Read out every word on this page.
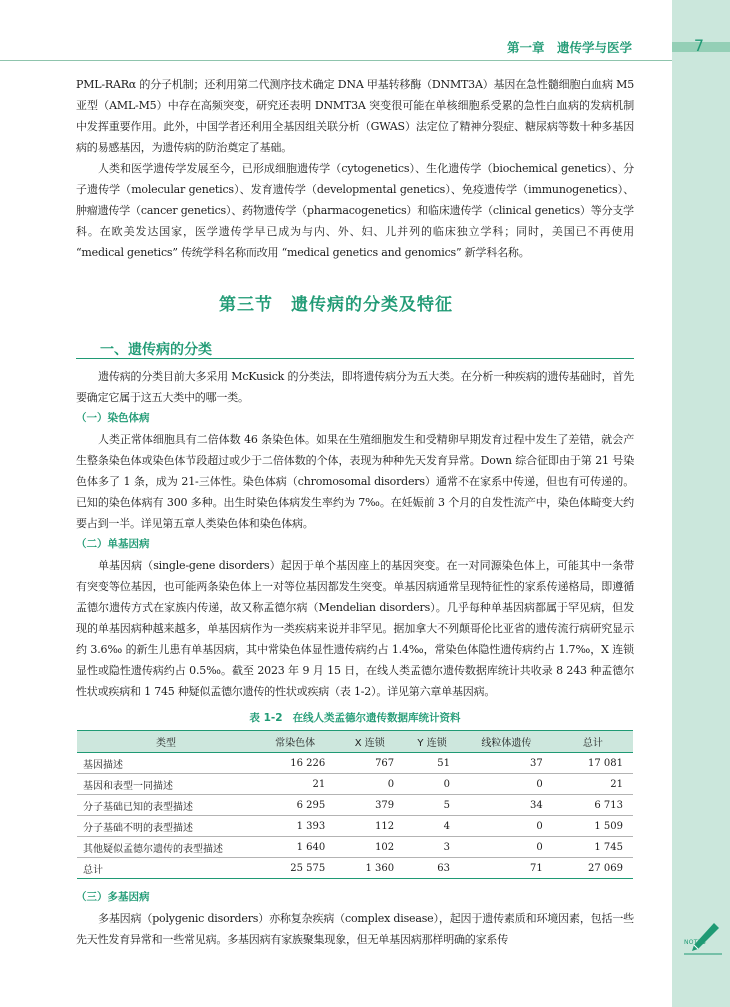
第一章　遗传学与医学	7

PML-RARα 的分子机制；还利用第二代测序技术确定 DNA 甲基转移酶（DNMT3A）基因在急性髓细胞白血病 M5 亚型（AML-M5）中存在高频突变，研究还表明 DNMT3A 突变很可能在单核细胞系受累的急性白血病的发病机制中发挥重要作用。此外，中国学者还利用全基因组关联分析（GWAS）法定位了精神分裂症、糖尿病等数十种多基因病的易感基因，为遗传病的防治奠定了基础。

人类和医学遗传学发展至今，已形成细胞遗传学（cytogenetics）、生化遗传学（biochemical genetics）、分子遗传学（molecular genetics）、发育遗传学（developmental genetics）、免疫遗传学（immunogenetics）、肿瘤遗传学（cancer genetics）、药物遗传学（pharmacogenetics）和临床遗传学（clinical genetics）等分支学科。在欧美发达国家，医学遗传学早已成为与内、外、妇、儿并列的临床独立学科；同时，美国已不再使用 “medical genetics” 传统学科名称而改用 “medical genetics and genomics” 新学科名称。

第三节　遗传病的分类及特征
一、遗传病的分类

遗传病的分类目前大多采用 McKusick 的分类法，即将遗传病分为五大类。在分析一种疾病的遗传基础时，首先要确定它属于这五大类中的哪一类。

（一）染色体病

人类正常体细胞具有二倍体数 46 条染色体。如果在生殖细胞发生和受精卵早期发育过程中发生了差错，就会产生整条染色体或染色体节段超过或少于二倍体数的个体，表现为种种先天发育异常。Down 综合征即由于第 21 号染色体多了 1 条，成为 21-三体性。染色体病（chromosomal disorders）通常不在家系中传递，但也有可传递的。已知的染色体病有 300 多种。出生时染色体病发生率约为 7‰。在妊娠前 3 个月的自发性流产中，染色体畸变大约要占到一半。详见第五章人类染色体和染色体病。

（二）单基因病

单基因病（single-gene disorders）起因于单个基因座上的基因突变。在一对同源染色体上，可能其中一条带有突变等位基因，也可能两条染色体上一对等位基因都发生突变。单基因病通常呈现特征性的家系传递格局，即遵循孟德尔遗传方式在家族内传递，故又称孟德尔病（Mendelian disorders）。几乎每种单基因病都属于罕见病，但发现的单基因病种越来越多，单基因病作为一类疾病来说并非罕见。据加拿大不列颠哥伦比亚省的遗传流行病研究显示约 3.6‰ 的新生儿患有单基因病，其中常染色体显性遗传病约占 1.4‰，常染色体隐性遗传病约占 1.7‰，X 连锁显性或隐性遗传病约占 0.5‰。截至 2023 年 9 月 15 日，在线人类孟德尔遗传数据库统计共收录 8 243 种孟德尔性状或疾病和 1 745 种疑似孟德尔遗传的性状或疾病（表 1-2）。详见第六章单基因病。

表 1-2 在线人类孟德尔遗传数据库统计资料
类型	常染色体	X 连锁	Y 连锁	线粒体遗传	总计
基因描述	16 226	767	51	37	17 081
基因和表型一同描述	21	0	0	0	21
分子基础已知的表型描述	6 295	379	5	34	6 713
分子基础不明的表型描述	1 393	112	4	0	1 509
其他疑似孟德尔遗传的表型描述	1 640	102	3	0	1 745
总计	25 575	1 360	63	71	27 069
（三）多基因病

多基因病（polygenic disorders）亦称复杂疾病（complex disease），起因于遗传素质和环境因素，包括一些先天性发育异常和一些常见病。多基因病有家族聚集现象，但无单基因病那样明确的家系传	NOTES
